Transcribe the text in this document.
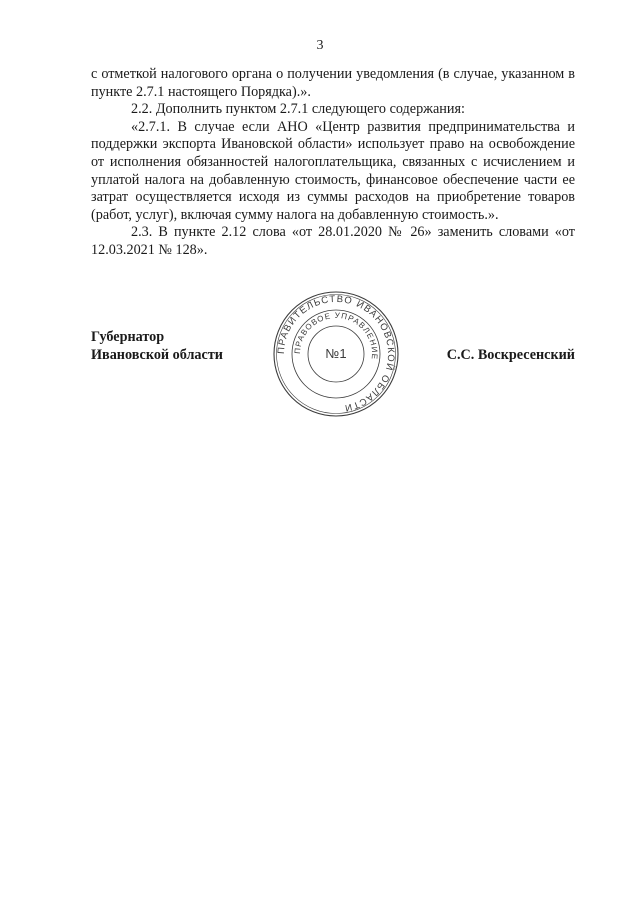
3

с отметкой налогового органа о получении уведомления (в случае, указанном в пункте 2.7.1 настоящего Порядка).».

2.2. Дополнить пунктом 2.7.1 следующего содержания:

«2.7.1. В случае если АНО «Центр развития предпринимательства и поддержки экспорта Ивановской области» использует право на освобождение от исполнения обязанностей налогоплательщика, связанных с исчислением и уплатой налога на добавленную стоимость, финансовое обеспечение части ее затрат осуществляется исходя из суммы расходов на приобретение товаров (работ, услуг), включая сумму налога на добавленную стоимость.».

2.3. В пункте 2.12 слова «от 28.01.2020 № 26» заменить словами «от 12.03.2021 № 128».

Губернатор
Ивановской области	С.С. Воскресенский
ПРАВИТЕЛЬСТВО ИВАНОВСКОЙ ОБЛАСТИ
ПРАВОВОЕ УПРАВЛЕНИЕ
№1
